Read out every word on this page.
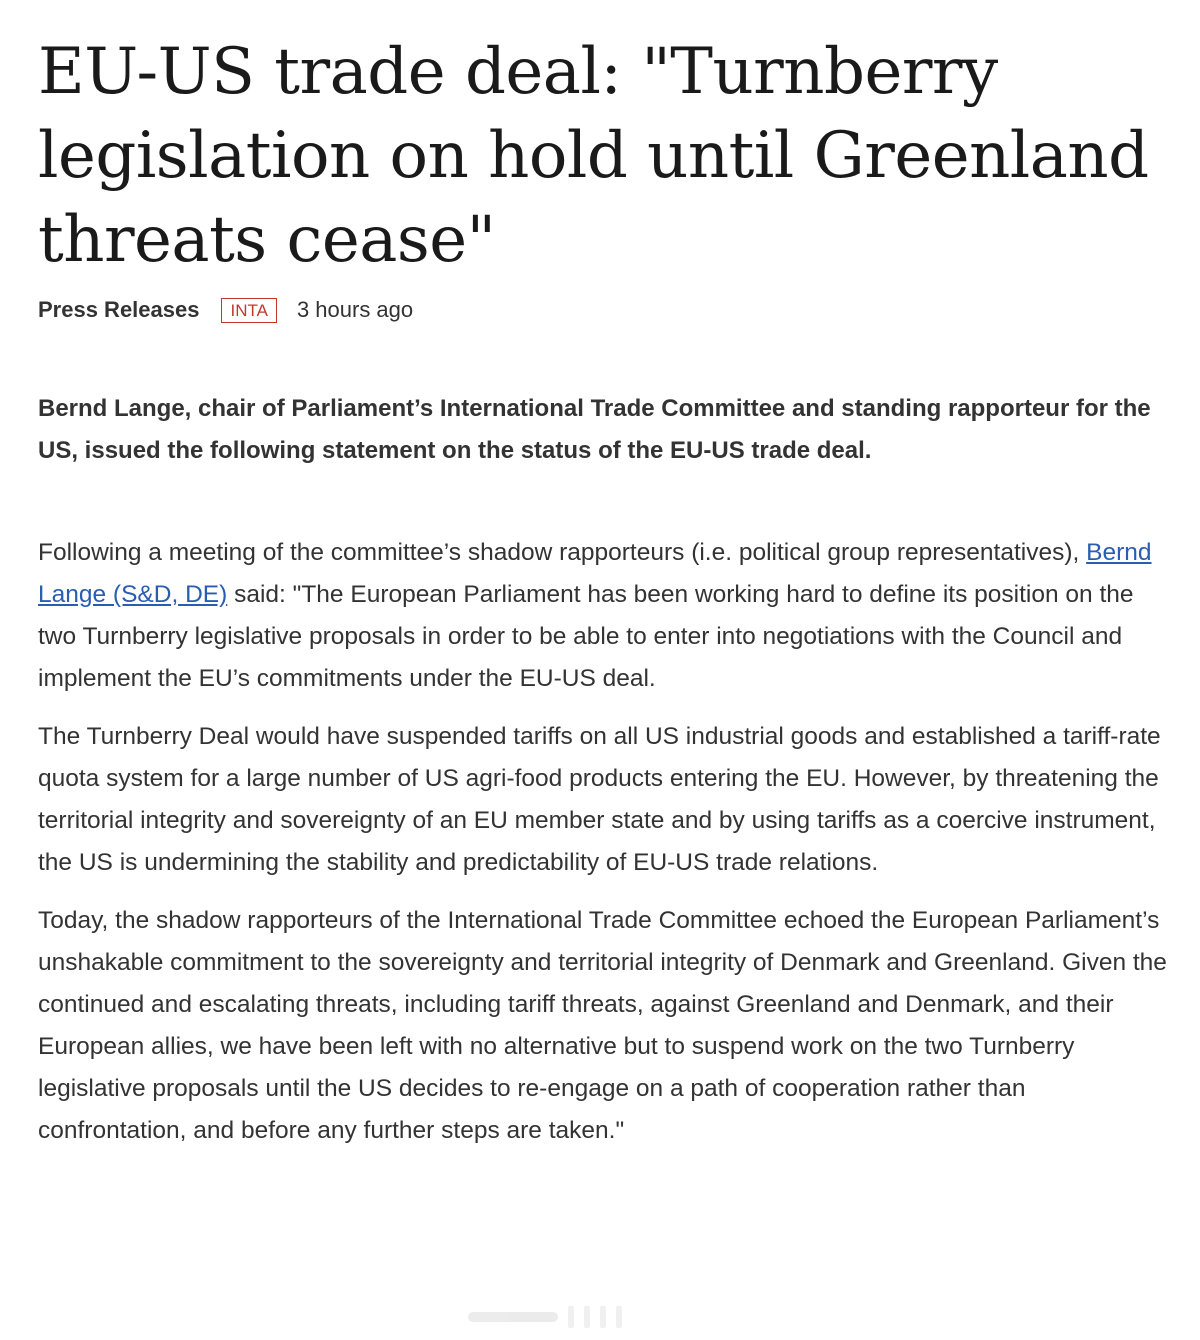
EU-US trade deal: "Turnberry legislation on hold until Greenland threats cease"
Press Releases	INTA	3 hours ago

Bernd Lange, chair of Parliament’s International Trade Committee and standing rapporteur for the US, issued the following statement on the status of the EU-US trade deal.

Following a meeting of the committee’s shadow rapporteurs (i.e. political group representatives), Bernd Lange (S&D, DE) said: "The European Parliament has been working hard to define its position on the two Turnberry legislative proposals in order to be able to enter into negotiations with the Council and implement the EU’s commitments under the EU-US deal.

The Turnberry Deal would have suspended tariffs on all US industrial goods and established a tariff-rate quota system for a large number of US agri-food products entering the EU. However, by threatening the territorial integrity and sovereignty of an EU member state and by using tariffs as a coercive instrument, the US is undermining the stability and predictability of EU-US trade relations.

Today, the shadow rapporteurs of the International Trade Committee echoed the European Parliament’s unshakable commitment to the sovereignty and territorial integrity of Denmark and Greenland. Given the continued and escalating threats, including tariff threats, against Greenland and Denmark, and their European allies, we have been left with no alternative but to suspend work on the two Turnberry legislative proposals until the US decides to re-engage on a path of cooperation rather than confrontation, and before any further steps are taken."
